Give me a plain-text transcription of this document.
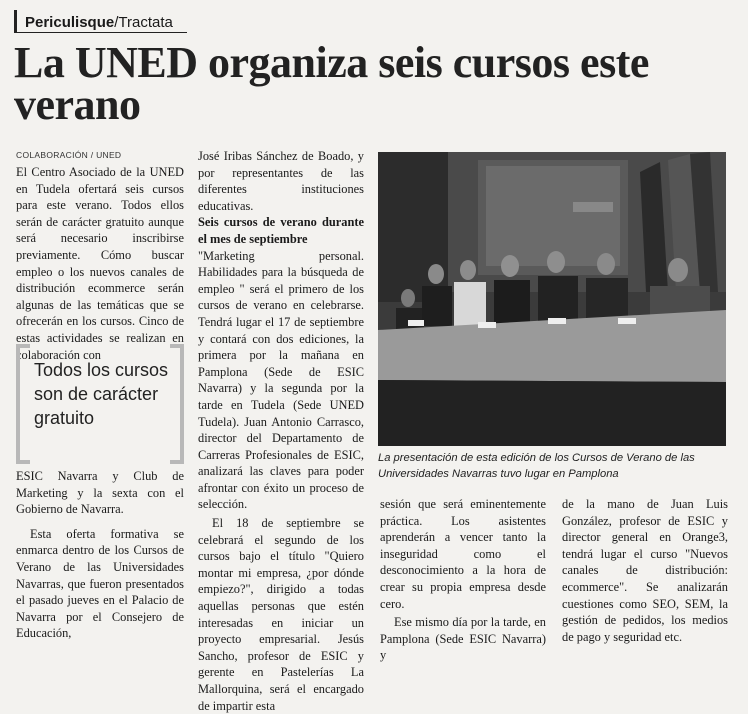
Periculisque/Tractata
La UNED organiza seis cursos este verano
COLABORACIÓN / UNED

El Centro Asociado de la UNED en Tudela ofertará seis cursos para este verano. Todos ellos serán de carácter gratuito aunque será necesario inscribirse previamente. Cómo buscar empleo o los nuevos canales de distribución ecommerce serán algunas de las temáticas que se ofrecerán en los cursos. Cinco de estas actividades se realizan en colaboración con

Todos los cursos son de carácter gratuito

ESIC Navarra y Club de Marketing y la sexta con el Gobierno de Navarra.

Esta oferta formativa se enmarca dentro de los Cursos de Verano de las Universidades Navarras, que fueron presentados el pasado jueves en el Palacio de Navarra por el Consejero de Educación,

José Iribas Sánchez de Boado, y por representantes de las diferentes instituciones educativas.

Seis cursos de verano durante el mes de septiembre

"Marketing personal. Habilidades para la búsqueda de empleo " será el primero de los cursos de verano en celebrarse. Tendrá lugar el 17 de septiembre y contará con dos ediciones, la primera por la mañana en Pamplona (Sede de ESIC Navarra) y la segunda por la tarde en Tudela (Sede UNED Tudela). Juan Antonio Carrasco, director del Departamento de Carreras Profesionales de ESIC, analizará las claves para poder afrontar con éxito un proceso de selección.

El 18 de septiembre se celebrará el segundo de los cursos bajo el título "Quiero montar mi empresa, ¿por dónde empiezo?", dirigido a todas aquellas personas que estén interesadas en iniciar un proyecto empresarial. Jesús Sancho, profesor de ESIC y gerente en Pastelerías La Mallorquina, será el encargado de impartir esta

La presentación de esta edición de los Cursos de Verano de las Universidades Navarras tuvo lugar en Pamplona

sesión que será eminentemente práctica. Los asistentes aprenderán a vencer tanto la inseguridad como el desconocimiento a la hora de crear su propia empresa desde cero.

Ese mismo día por la tarde, en Pamplona (Sede ESIC Navarra) y

de la mano de Juan Luis González, profesor de ESIC y director general en Orange3, tendrá lugar el curso "Nuevos canales de distribución: ecommerce". Se analizarán cuestiones como SEO, SEM, la gestión de pedidos, los medios de pago y seguridad etc.
